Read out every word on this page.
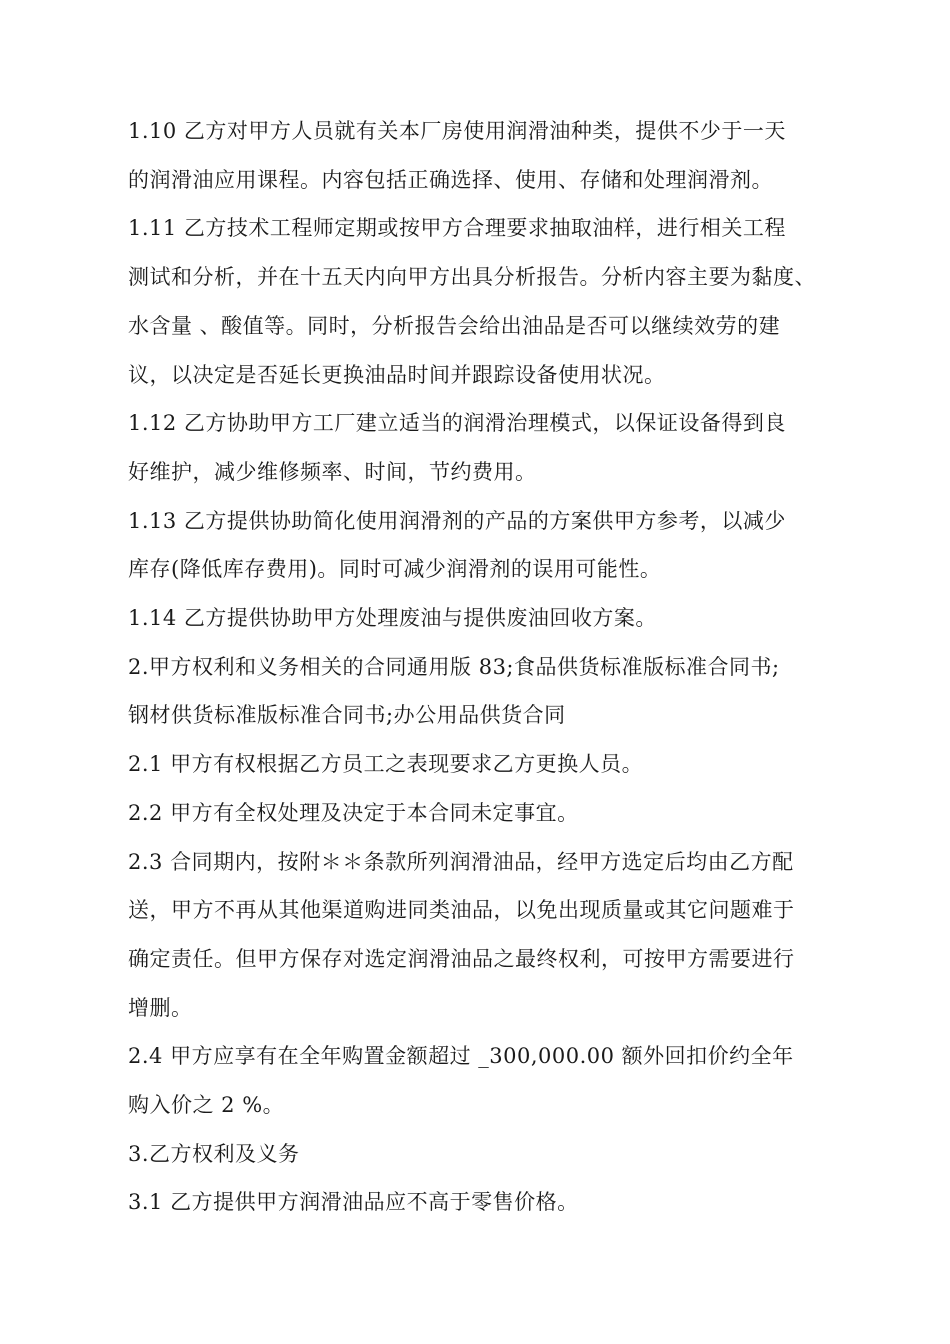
1.10 乙方对甲方人员就有关本厂房使用润滑油种类，提供不少于一天
的润滑油应用课程。内容包括正确选择、使用、存储和处理润滑剂。
1.11 乙方技术工程师定期或按甲方合理要求抽取油样，进行相关工程
测试和分析，并在十五天内向甲方出具分析报告。分析内容主要为黏度、
水含量 、酸值等。同时，分析报告会给出油品是否可以继续效劳的建
议，以决定是否延长更换油品时间并跟踪设备使用状况。
1.12 乙方协助甲方工厂建立适当的润滑治理模式，以保证设备得到良
好维护，减少维修频率、时间，节约费用。
1.13 乙方提供协助简化使用润滑剂的产品的方案供甲方参考，以减少
库存(降低库存费用)。同时可减少润滑剂的误用可能性。
1.14 乙方提供协助甲方处理废油与提供废油回收方案。
2.甲方权利和义务相关的合同通用版 83;食品供货标准版标准合同书;
钢材供货标准版标准合同书;办公用品供货合同
2.1 甲方有权根据乙方员工之表现要求乙方更换人员。
2.2 甲方有全权处理及决定于本合同未定事宜。
2.3 合同期内，按附＊＊条款所列润滑油品，经甲方选定后均由乙方配
送，甲方不再从其他渠道购进同类油品，以免出现质量或其它问题难于
确定责任。但甲方保存对选定润滑油品之最终权利，可按甲方需要进行
增删。
2.4 甲方应享有在全年购置金额超过 _300,000.00 额外回扣价约全年
购入价之 2 %。
3.乙方权利及义务
3.1 乙方提供甲方润滑油品应不高于零售价格。
